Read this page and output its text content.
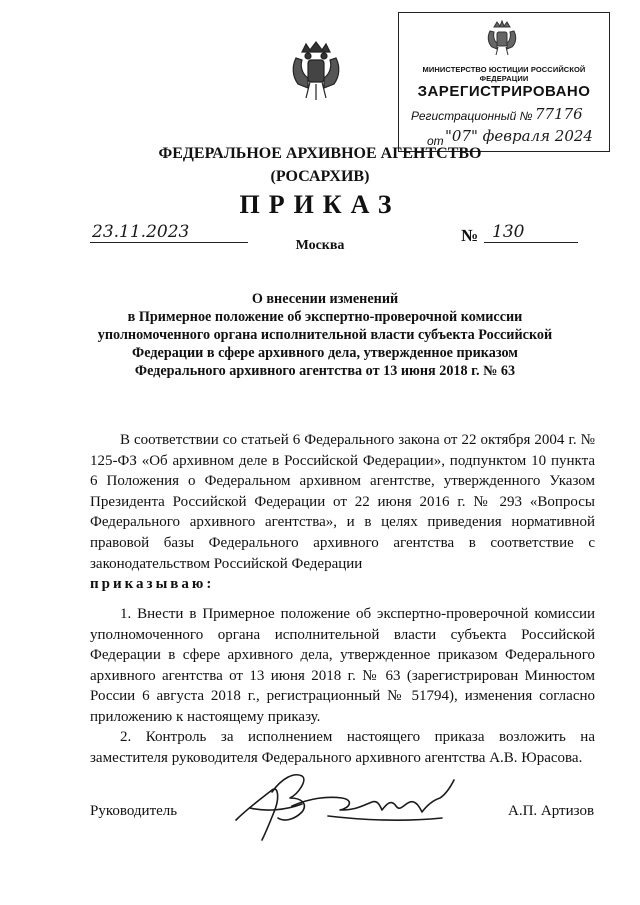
МИНИСТЕРСТВО ЮСТИЦИИ РОССИЙСКОЙ ФЕДЕРАЦИИ
ЗАРЕГИСТРИРОВАНО
Регистрационный № 77176
от "07" февраля 2024
ФЕДЕРАЛЬНОЕ АРХИВНОЕ АГЕНТСТВО
(РОСАРХИВ)
ПРИКАЗ
23.11.2023	№ 130
Москва
О внесении изменений
в Примерное положение об экспертно-проверочной комиссии
уполномоченного органа исполнительной власти субъекта Российской
Федерации в сфере архивного дела, утвержденное приказом
Федерального архивного агентства от 13 июня 2018 г. № 63
В соответствии со статьей 6 Федерального закона от 22 октября 2004 г. № 125-ФЗ «Об архивном деле в Российской Федерации», подпунктом 10 пункта 6 Положения о Федеральном архивном агентстве, утвержденного Указом Президента Российской Федерации от 22 июня 2016 г. № 293 «Вопросы Федерального архивного агентства», и в целях приведения нормативной правовой базы Федерального архивного агентства в соответствие с законодательством Российской Федерации
приказываю:
1. Внести в Примерное положение об экспертно-проверочной комиссии уполномоченного органа исполнительной власти субъекта Российской Федерации в сфере архивного дела, утвержденное приказом Федерального архивного агентства от 13 июня 2018 г. № 63 (зарегистрирован Минюстом России 6 августа 2018 г., регистрационный № 51794), изменения согласно приложению к настоящему приказу.
2. Контроль за исполнением настоящего приказа возложить на заместителя руководителя Федерального архивного агентства А.В. Юрасова.
Руководитель	А.П. Артизов
